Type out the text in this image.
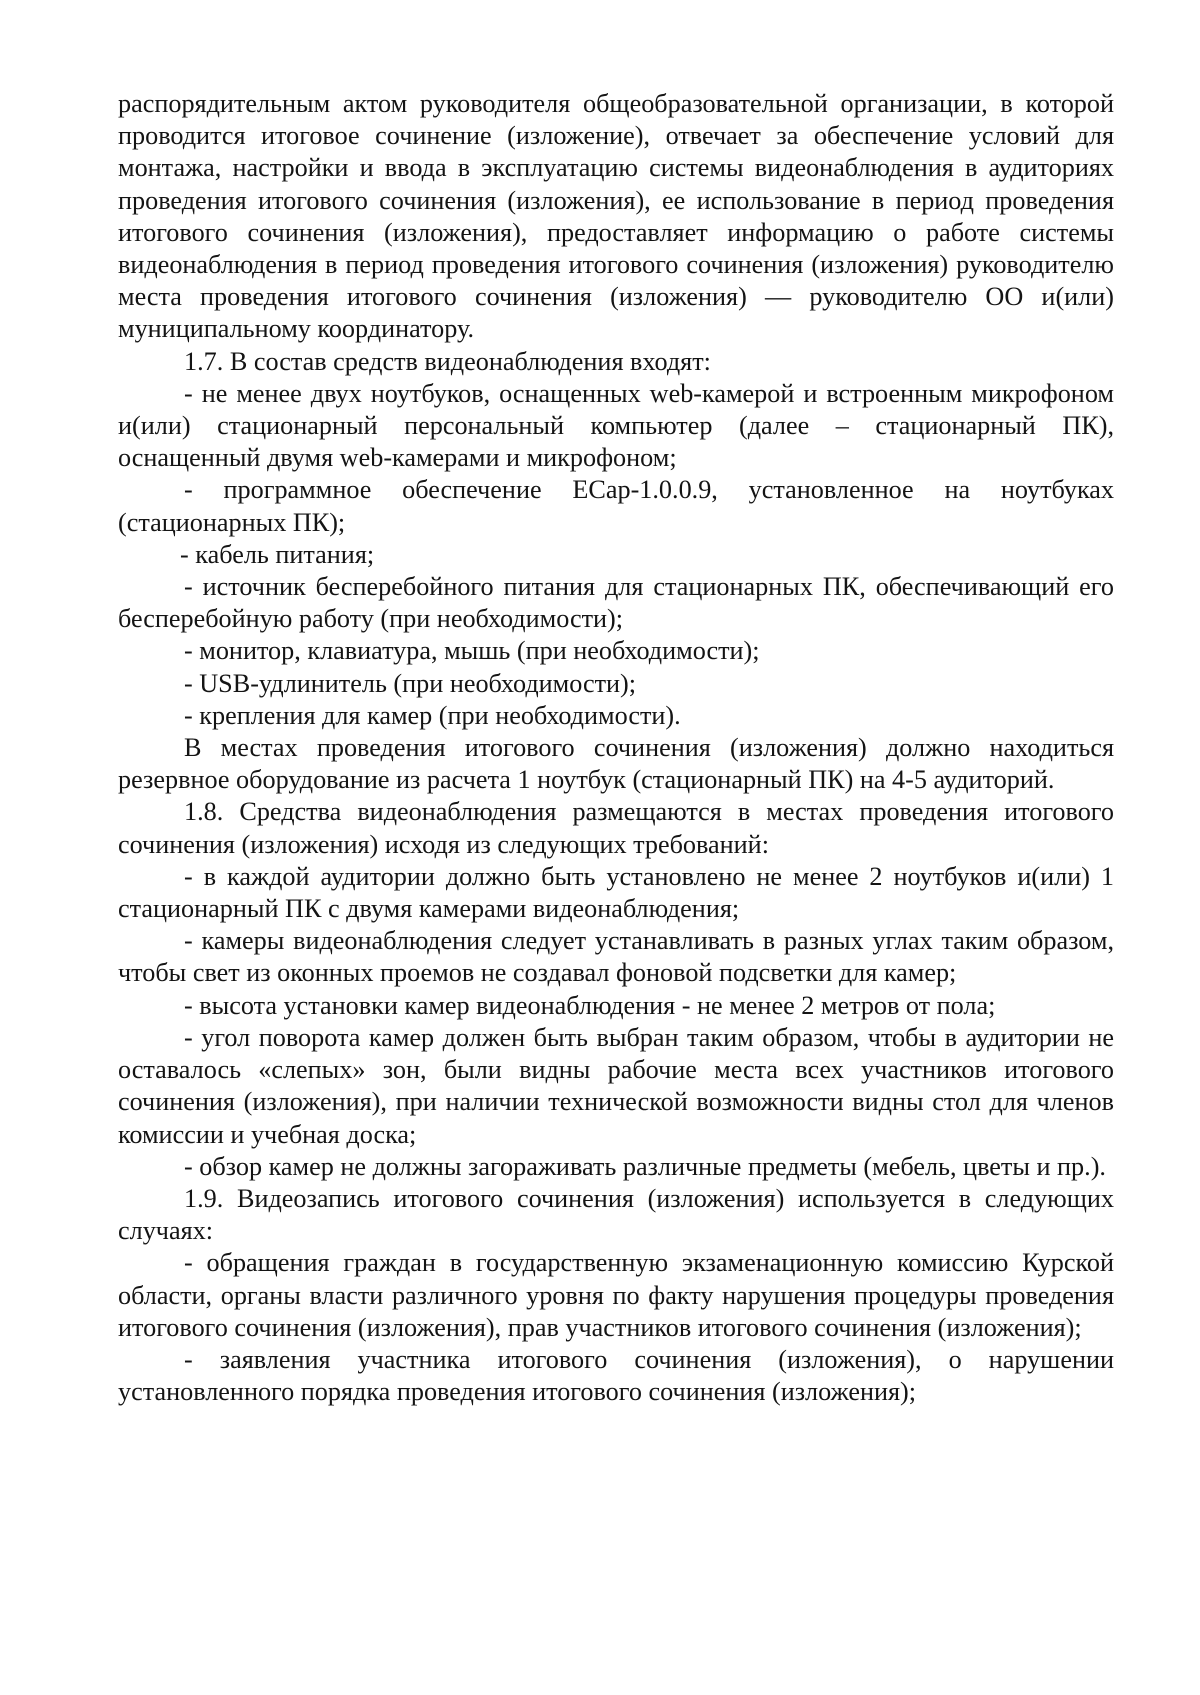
распорядительным актом руководителя общеобразовательной организации, в которой проводится итоговое сочинение (изложение), отвечает за обеспечение условий для монтажа, настройки и ввода в эксплуатацию системы видеонаблюдения в аудиториях проведения итогового сочинения (изложения), ее использование в период проведения итогового сочинения (изложения), предоставляет информацию о работе системы видеонаблюдения в период проведения итогового сочинения (изложения) руководителю места проведения итогового сочинения (изложения) — руководителю ОО и(или) муниципальному координатору.

1.7. В состав средств видеонаблюдения входят:

- не менее двух ноутбуков, оснащенных web-камерой и встроенным микрофоном и(или) стационарный персональный компьютер (далее – стационарный ПК), оснащенный двумя web-камерами и микрофоном;

- программное обеспечение ECap-1.0.0.9, установленное на ноутбуках (стационарных ПК);

- кабель питания;

- источник бесперебойного питания для стационарных ПК, обеспечивающий его бесперебойную работу (при необходимости);

- монитор, клавиатура, мышь (при необходимости);

- USB-удлинитель (при необходимости);

- крепления для камер (при необходимости).

В местах проведения итогового сочинения (изложения) должно находиться резервное оборудование из расчета 1 ноутбук (стационарный ПК) на 4-5 аудиторий.

1.8. Средства видеонаблюдения размещаются в местах проведения итогового сочинения (изложения) исходя из следующих требований:

- в каждой аудитории должно быть установлено не менее 2 ноутбуков и(или) 1 стационарный ПК с двумя камерами видеонаблюдения;

- камеры видеонаблюдения следует устанавливать в разных углах таким образом, чтобы свет из оконных проемов не создавал фоновой подсветки для камер;

- высота установки камер видеонаблюдения - не менее 2 метров от пола;

- угол поворота камер должен быть выбран таким образом, чтобы в аудитории не оставалось «слепых» зон, были видны рабочие места всех участников итогового сочинения (изложения), при наличии технической возможности видны стол для членов комиссии и учебная доска;

- обзор камер не должны загораживать различные предметы (мебель, цветы и пр.).

1.9. Видеозапись итогового сочинения (изложения) используется в следующих случаях:

- обращения граждан в государственную экзаменационную комиссию Курской области, органы власти различного уровня по факту нарушения процедуры проведения итогового сочинения (изложения), прав участников итогового сочинения (изложения);

- заявления участника итогового сочинения (изложения), о нарушении установленного порядка проведения итогового сочинения (изложения);
